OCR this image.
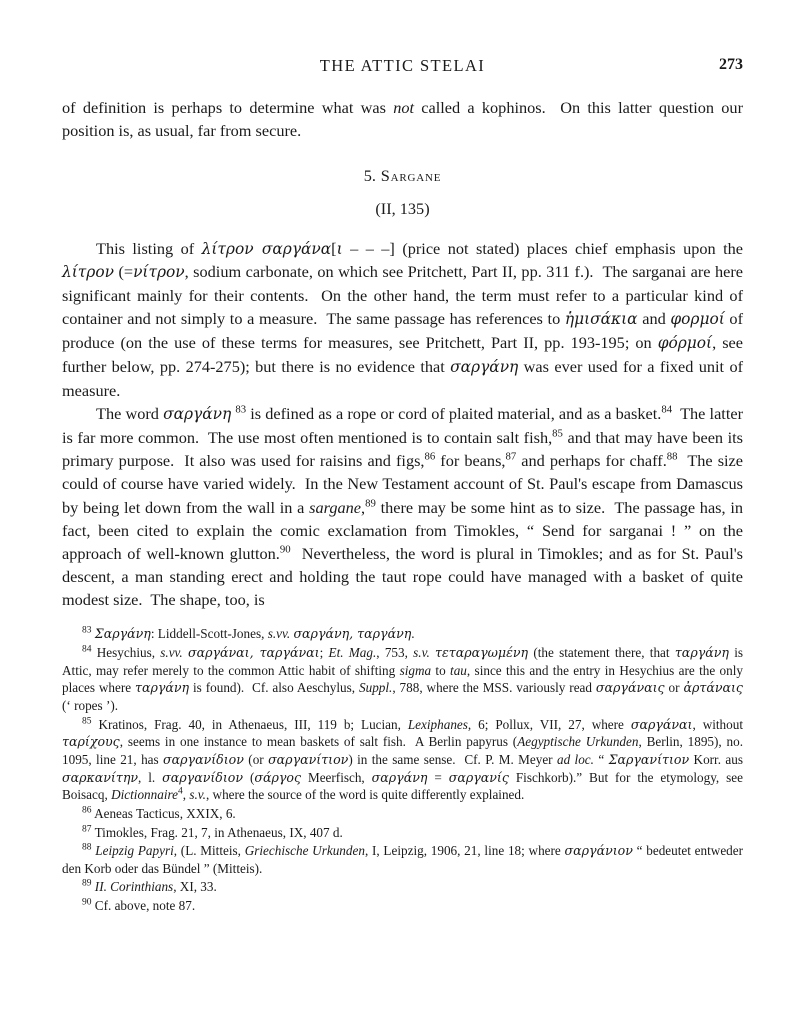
THE ATTIC STELAI	273

of definition is perhaps to determine what was not called a kophinos.  On this latter question our position is, as usual, far from secure.

5. Sargane
(II, 135)

This listing of λίτρον σαργάνα[ι – – –] (price not stated) places chief emphasis upon the λίτρον (=νίτρον, sodium carbonate, on which see Pritchett, Part II, pp. 311 f.).  The sarganai are here significant mainly for their contents.  On the other hand, the term must refer to a particular kind of container and not simply to a measure.  The same passage has references to ἡμισάκια and φορμοί of produce (on the use of these terms for measures, see Pritchett, Part II, pp. 193-195; on φόρμοί, see further below, pp. 274-275); but there is no evidence that σαργάνη was ever used for a fixed unit of measure.

The word σαργάνη $^{83}$ is defined as a rope or cord of plaited material, and as a basket.$^{84}$  The latter is far more common.  The use most often mentioned is to contain salt fish,$^{85}$ and that may have been its primary purpose.  It also was used for raisins and figs,$^{86}$ for beans,$^{87}$ and perhaps for chaff.$^{88}$  The size could of course have varied widely.  In the New Testament account of St. Paul's escape from Damascus by being let down from the wall in a sargane,$^{89}$ there may be some hint as to size.  The passage has, in fact, been cited to explain the comic exclamation from Timokles, “ Send for sarganai ! ” on the approach of well-known glutton.$^{90}$  Nevertheless, the word is plural in Timokles; and as for St. Paul's descent, a man standing erect and holding the taut rope could have managed with a basket of quite modest size.  The shape, too, is

$^{83}$ Σαργάνη: Liddell-Scott-Jones, s.vv. σαργάνη, ταργάνη.

$^{84}$ Hesychius, s.vv. σαργάναι, ταργάναι; Et. Mag., 753, s.v. τεταραγωμένη (the statement there, that ταργάνη is Attic, may refer merely to the common Attic habit of shifting sigma to tau, since this and the entry in Hesychius are the only places where ταργάνη is found).  Cf. also Aeschylus, Suppl., 788, where the MSS. variously read σαργάναις or ἀρτάναις (‘ ropes ’).

$^{85}$ Kratinos, Frag. 40, in Athenaeus, III, 119 b; Lucian, Lexiphanes, 6; Pollux, VII, 27, where σαργάναι, without ταρίχους, seems in one instance to mean baskets of salt fish.  A Berlin papyrus (Aegyptische Urkunden, Berlin, 1895), no. 1095, line 21, has σαργανίδιον (or σαργανίτιον) in the same sense.  Cf. P. M. Meyer ad loc. “ Σαργανίτιον Korr. aus σαρκανίτην, l. σαργανίδιον (σάργος Meerfisch, σαργάνη = σαργανίς Fischkorb).” But for the etymology, see Boisacq, Dictionnaire$^4$, s.v., where the source of the word is quite differently explained.

$^{86}$ Aeneas Tacticus, XXIX, 6.

$^{87}$ Timokles, Frag. 21, 7, in Athenaeus, IX, 407 d.

$^{88}$ Leipzig Papyri, (L. Mitteis, Griechische Urkunden, I, Leipzig, 1906, 21, line 18; where σαργάνιον “ bedeutet entweder den Korb oder das Bündel ” (Mitteis).

$^{89}$ II. Corinthians, XI, 33.

$^{90}$ Cf. above, note 87.
